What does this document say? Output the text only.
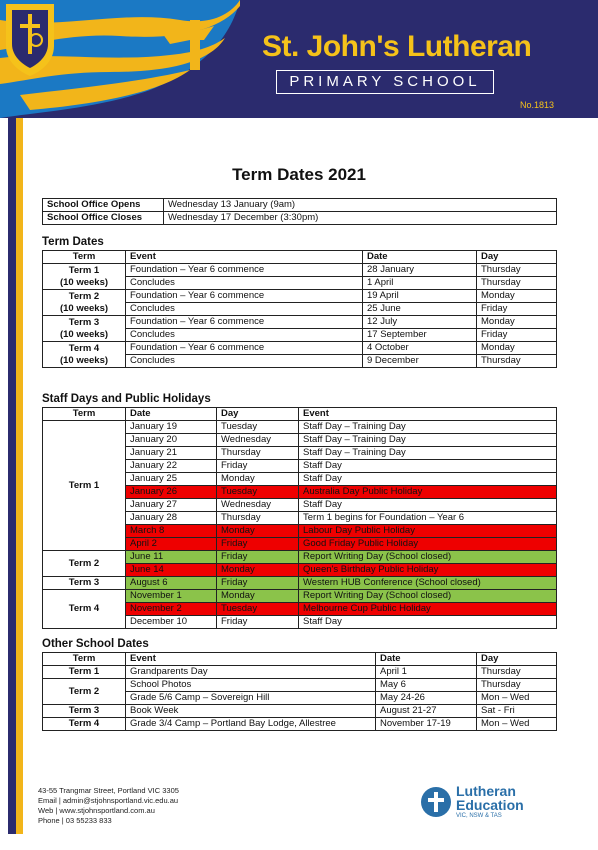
St. John's Lutheran
PRIMARY SCHOOL
No.1813
Term Dates 2021
School Office Opens	Wednesday 13 January (9am)
School Office Closes	Wednesday 17 December (3:30pm)
Term Dates
Term	Event	Date	Day

Term 1
(10 weeks)	Foundation – Year 6 commence	28 January	Thursday
	Concludes	1 April	Thursday

Term 2
(10 weeks)	Foundation – Year 6 commence	19 April	Monday
	Concludes	25 June	Friday

Term 3
(10 weeks)	Foundation – Year 6 commence	12 July	Monday
	Concludes	17 September	Friday

Term 4
(10 weeks)	Foundation – Year 6 commence	4 October	Monday
	Concludes	9 December	Thursday
Staff Days and Public Holidays
Term	Date	Day	Event
Term 1	January 19	Tuesday	Staff Day – Training Day
	January 20	Wednesday	Staff Day – Training Day
	January 21	Thursday	Staff Day – Training Day
	January 22	Friday	Staff Day
	January 25	Monday	Staff Day
	January 26	Tuesday	Australia Day Public Holiday
	January 27	Wednesday	Staff Day
	January 28	Thursday	Term 1 begins for Foundation – Year 6
	March 8	Monday	Labour Day Public Holiday
	April 2	Friday	Good Friday Public Holiday
Term 2	June 11	Friday	Report Writing Day (School closed)
	June 14	Monday	Queen's Birthday Public Holiday
Term 3	August 6	Friday	Western HUB Conference (School closed)
Term 4	November 1	Monday	Report Writing Day (School closed)
	November 2	Tuesday	Melbourne Cup Public Holiday
	December 10	Friday	Staff Day
Other School Dates
Term	Event	Date	Day
Term 1	Grandparents Day	April 1	Thursday
Term 2	School Photos	May 6	Thursday
	Grade 5/6 Camp – Sovereign Hill	May 24-26	Mon – Wed
Term 3	Book Week	August 21-27	Sat - Fri
Term 4	Grade 3/4 Camp – Portland Bay Lodge, Allestree	November 17-19	Mon – Wed
43-55 Trangmar Street, Portland VIC 3305
Email | admin@stjohnsportland.vic.edu.au
Web | www.stjohnsportland.com.au
Phone | 03 55233 833
Lutheran
Education
VIC, NSW & TAS
